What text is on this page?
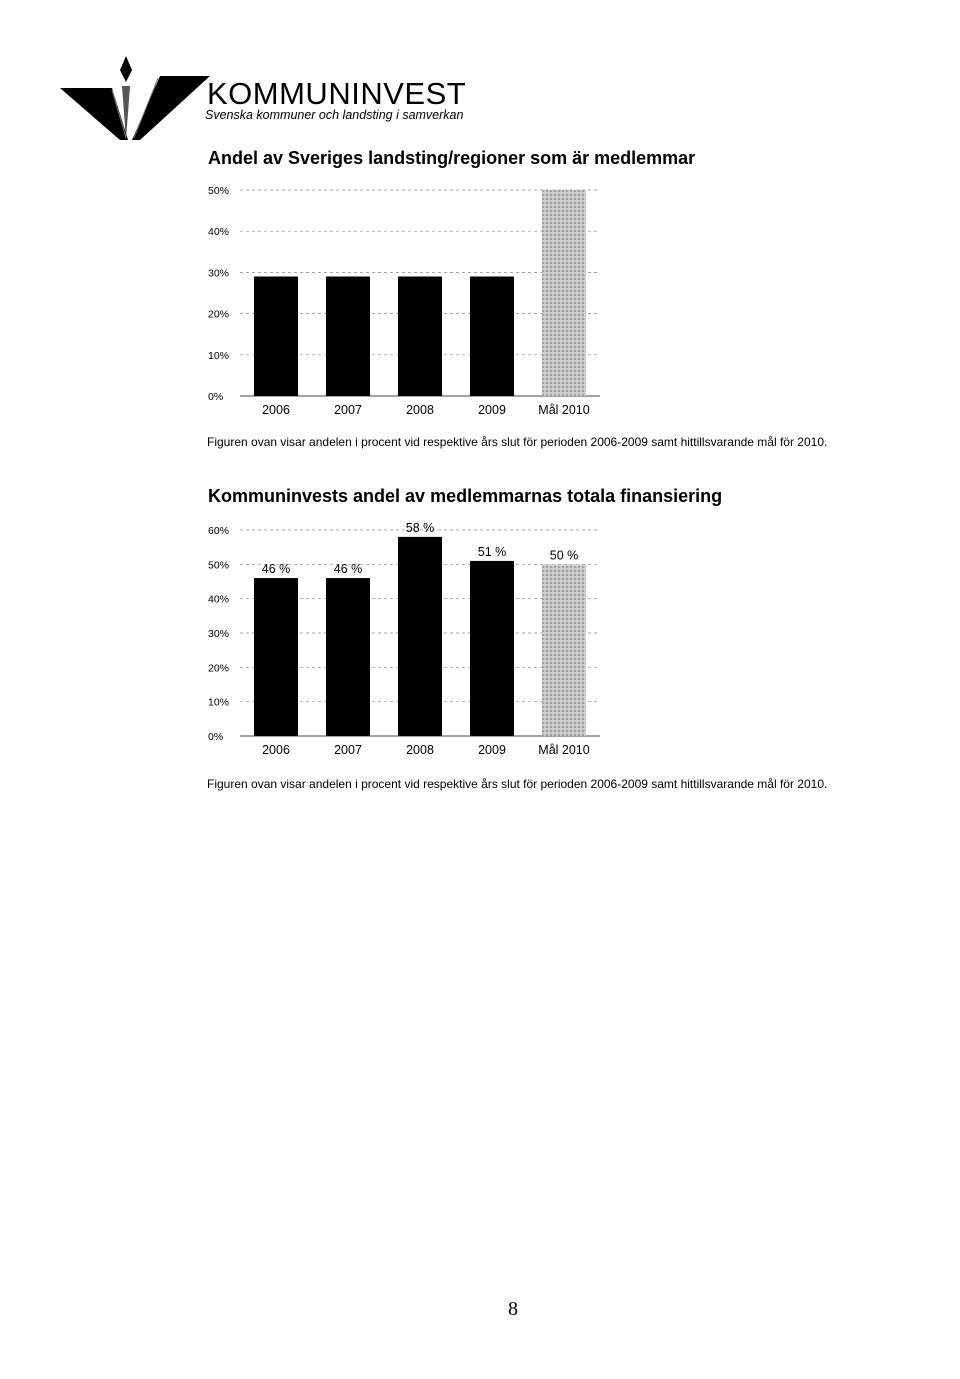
KOMMUNINVEST
Svenska kommuner och landsting i samverkan
Andel av Sveriges landsting/regioner som är medlemmar
0%
10%
20%
30%
40%
50%
2006	2007	2008	2009	Mål 2010
Figuren ovan visar andelen i procent vid respektive års slut för perioden 2006-2009 samt hittillsvarande mål för 2010.
Kommuninvests andel av medlemmarnas totala finansiering
0%
10%
20%
30%
40%
50%
60%
2006
46 %
2007
46 %
2008
58 %
2009
51 %
Mål 2010
50 %
Figuren ovan visar andelen i procent vid respektive års slut för perioden 2006-2009 samt hittillsvarande mål för 2010.
8
